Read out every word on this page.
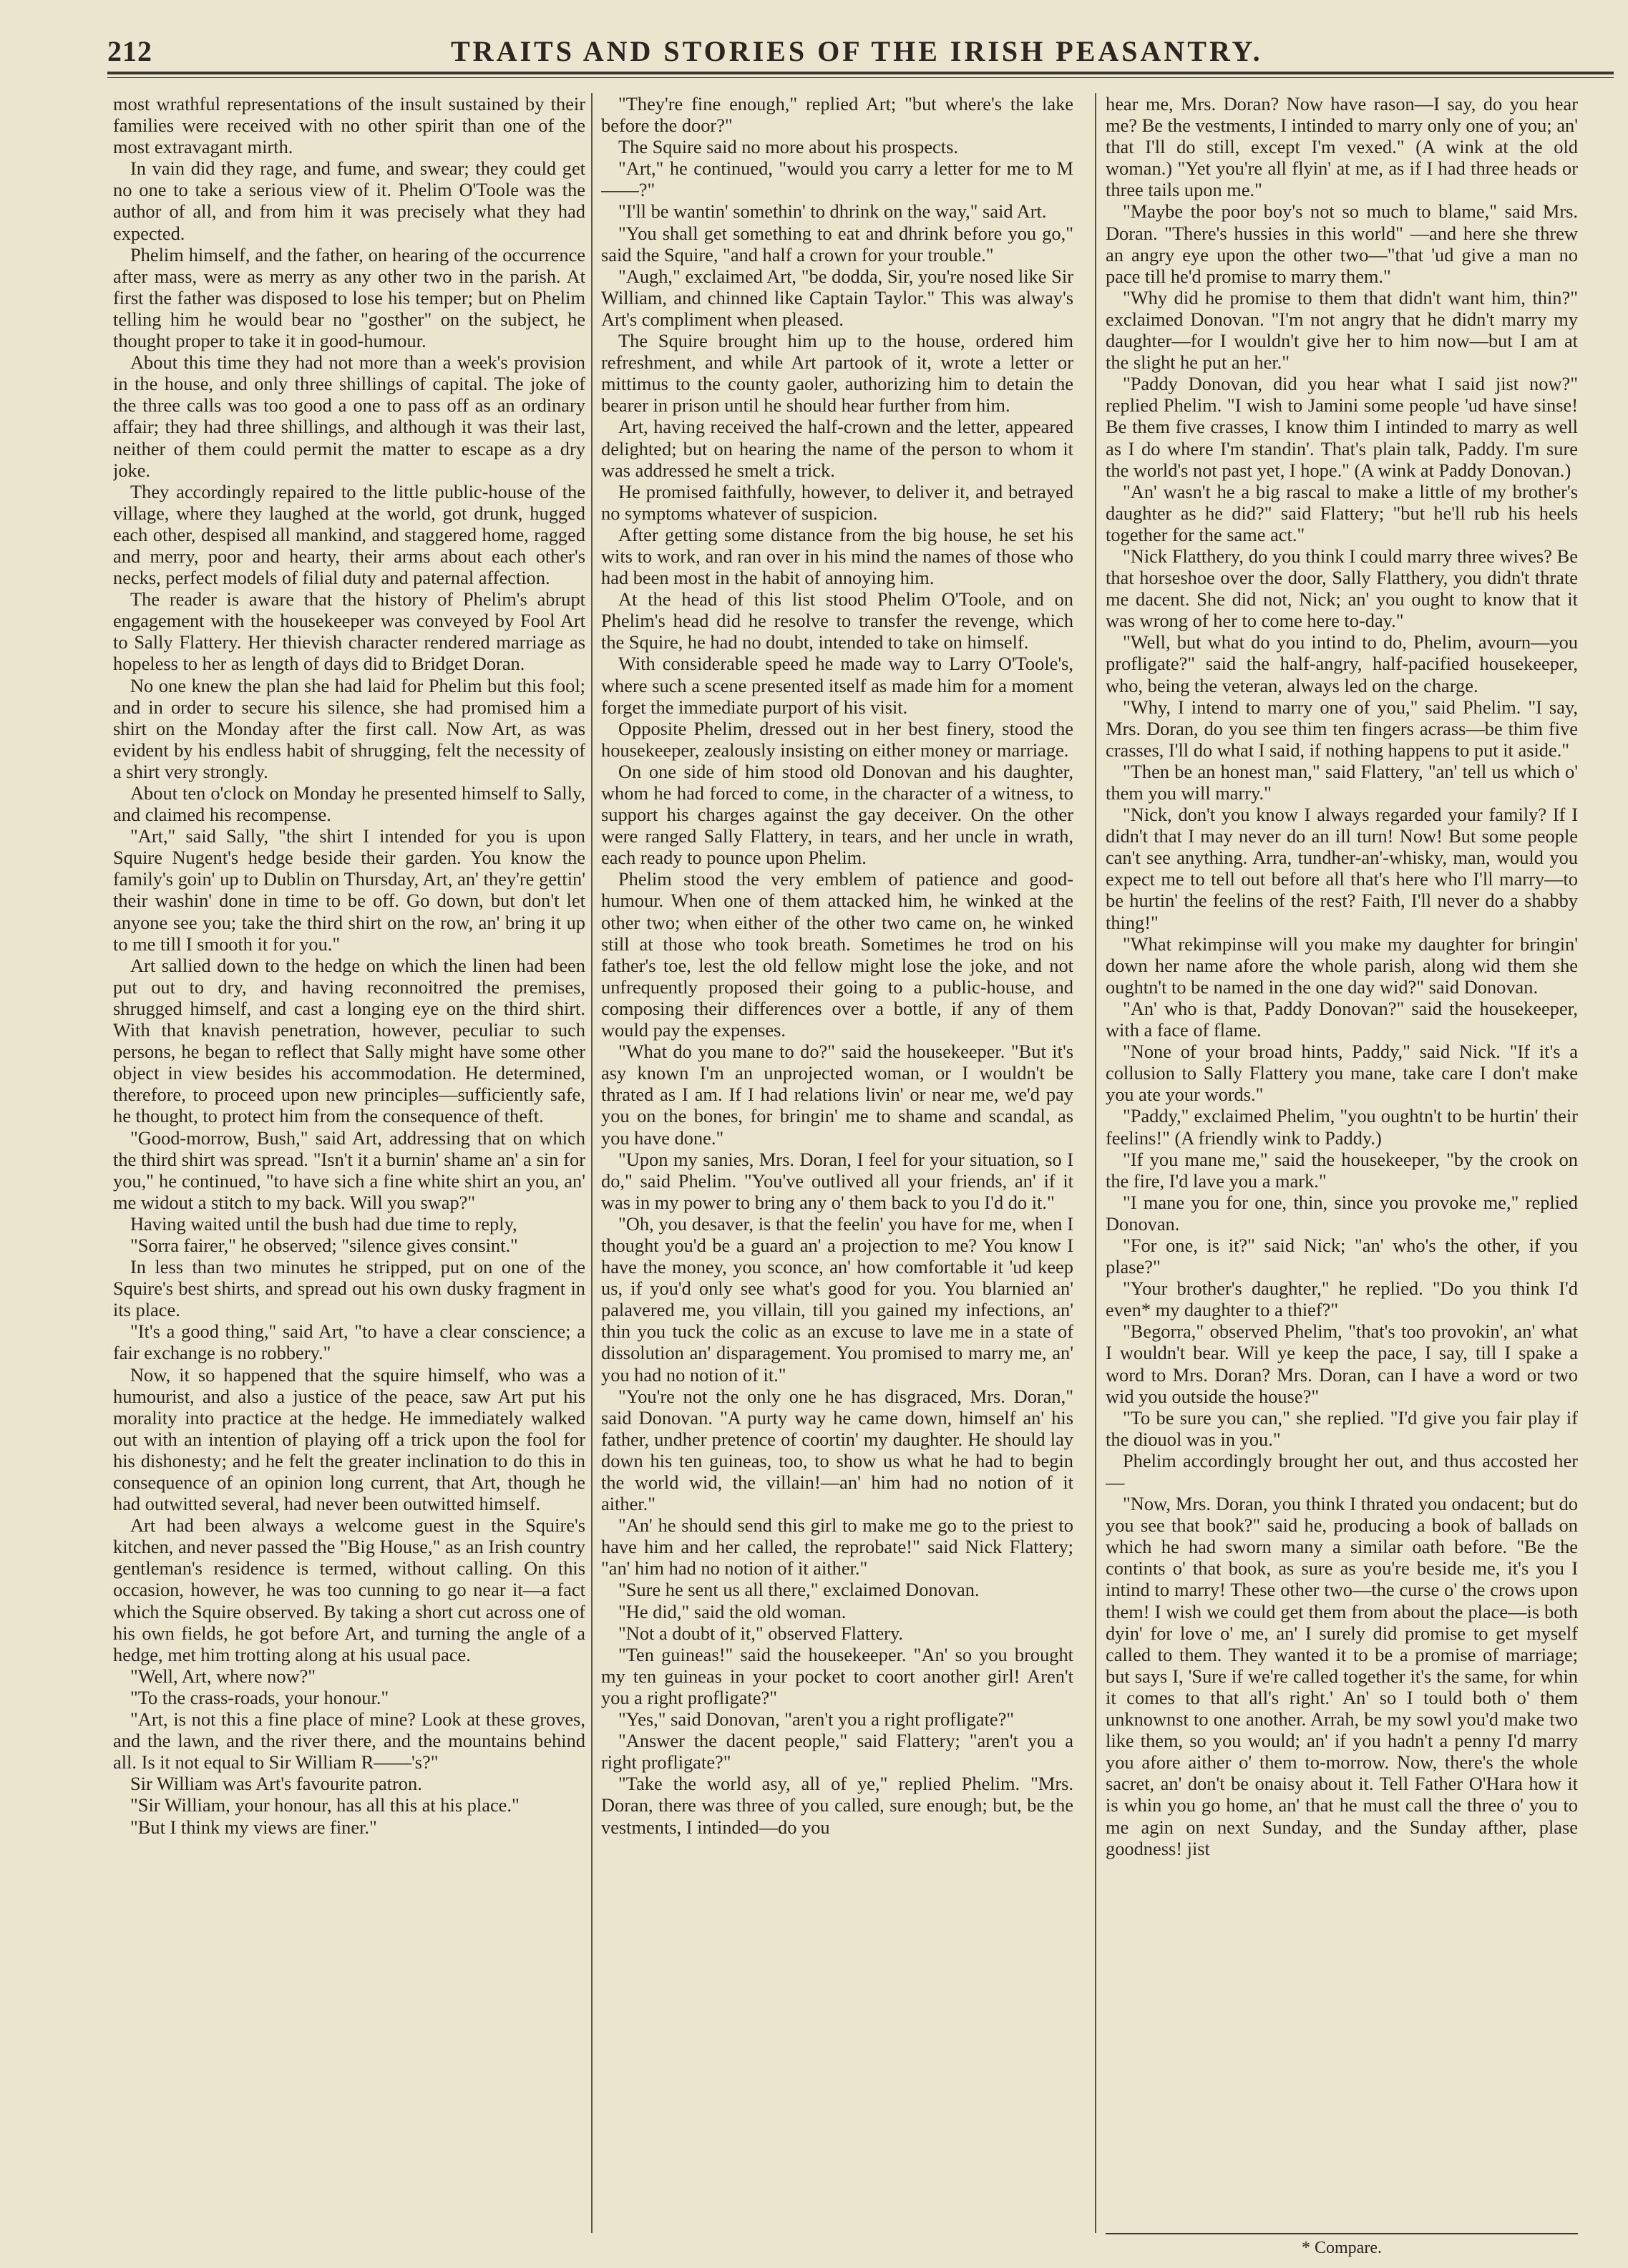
212	TRAITS AND STORIES OF THE IRISH PEASANTRY.

most wrathful representations of the insult sustained by their families were received with no other spirit than one of the most extravagant mirth.

In vain did they rage, and fume, and swear; they could get no one to take a serious view of it. Phelim O'Toole was the author of all, and from him it was precisely what they had expected.

Phelim himself, and the father, on hearing of the occurrence after mass, were as merry as any other two in the parish. At first the father was disposed to lose his temper; but on Phelim telling him he would bear no "gosther" on the subject, he thought proper to take it in good-humour.

About this time they had not more than a week's provision in the house, and only three shillings of capital. The joke of the three calls was too good a one to pass off as an ordinary affair; they had three shillings, and although it was their last, neither of them could permit the matter to escape as a dry joke.

They accordingly repaired to the little public-house of the village, where they laughed at the world, got drunk, hugged each other, despised all mankind, and staggered home, ragged and merry, poor and hearty, their arms about each other's necks, perfect models of filial duty and paternal affection.

The reader is aware that the history of Phelim's abrupt engagement with the housekeeper was conveyed by Fool Art to Sally Flattery. Her thievish character rendered marriage as hopeless to her as length of days did to Bridget Doran.

No one knew the plan she had laid for Phelim but this fool; and in order to secure his silence, she had promised him a shirt on the Monday after the first call. Now Art, as was evident by his endless habit of shrugging, felt the necessity of a shirt very strongly.

About ten o'clock on Monday he presented himself to Sally, and claimed his recompense.

"Art," said Sally, "the shirt I intended for you is upon Squire Nugent's hedge beside their garden. You know the family's goin' up to Dublin on Thursday, Art, an' they're gettin' their washin' done in time to be off. Go down, but don't let anyone see you; take the third shirt on the row, an' bring it up to me till I smooth it for you."

Art sallied down to the hedge on which the linen had been put out to dry, and having reconnoitred the premises, shrugged himself, and cast a longing eye on the third shirt. With that knavish penetration, however, peculiar to such persons, he began to reflect that Sally might have some other object in view besides his accommodation. He determined, therefore, to proceed upon new principles—sufficiently safe, he thought, to protect him from the consequence of theft.

"Good-morrow, Bush," said Art, addressing that on which the third shirt was spread. "Isn't it a burnin' shame an' a sin for you," he continued, "to have sich a fine white shirt an you, an' me widout a stitch to my back. Will you swap?"

Having waited until the bush had due time to reply,

"Sorra fairer," he observed; "silence gives consint."

In less than two minutes he stripped, put on one of the Squire's best shirts, and spread out his own dusky fragment in its place.

"It's a good thing," said Art, "to have a clear conscience; a fair exchange is no robbery."

Now, it so happened that the squire himself, who was a humourist, and also a justice of the peace, saw Art put his morality into practice at the hedge. He immediately walked out with an intention of playing off a trick upon the fool for his dishonesty; and he felt the greater inclination to do this in consequence of an opinion long current, that Art, though he had outwitted several, had never been outwitted himself.

Art had been always a welcome guest in the Squire's kitchen, and never passed the "Big House," as an Irish country gentleman's residence is termed, without calling. On this occasion, however, he was too cunning to go near it—a fact which the Squire observed. By taking a short cut across one of his own fields, he got before Art, and turning the angle of a hedge, met him trotting along at his usual pace.

"Well, Art, where now?"

"To the crass-roads, your honour."

"Art, is not this a fine place of mine? Look at these groves, and the lawn, and the river there, and the mountains behind all. Is it not equal to Sir William R——'s?"

Sir William was Art's favourite patron.

"Sir William, your honour, has all this at his place."

"But I think my views are finer."

"They're fine enough," replied Art; "but where's the lake before the door?"

The Squire said no more about his prospects.

"Art," he continued, "would you carry a letter for me to M——?"

"I'll be wantin' somethin' to dhrink on the way," said Art.

"You shall get something to eat and dhrink before you go," said the Squire, "and half a crown for your trouble."

"Augh," exclaimed Art, "be dodda, Sir, you're nosed like Sir William, and chinned like Captain Taylor." This was alway's Art's compliment when pleased.

The Squire brought him up to the house, ordered him refreshment, and while Art partook of it, wrote a letter or mittimus to the county gaoler, authorizing him to detain the bearer in prison until he should hear further from him.

Art, having received the half-crown and the letter, appeared delighted; but on hearing the name of the person to whom it was addressed he smelt a trick.

He promised faithfully, however, to deliver it, and betrayed no symptoms whatever of suspicion.

After getting some distance from the big house, he set his wits to work, and ran over in his mind the names of those who had been most in the habit of annoying him.

At the head of this list stood Phelim O'Toole, and on Phelim's head did he resolve to transfer the revenge, which the Squire, he had no doubt, intended to take on himself.

With considerable speed he made way to Larry O'Toole's, where such a scene presented itself as made him for a moment forget the immediate purport of his visit.

Opposite Phelim, dressed out in her best finery, stood the housekeeper, zealously insisting on either money or marriage.

On one side of him stood old Donovan and his daughter, whom he had forced to come, in the character of a witness, to support his charges against the gay deceiver. On the other were ranged Sally Flattery, in tears, and her uncle in wrath, each ready to pounce upon Phelim.

Phelim stood the very emblem of patience and good-humour. When one of them attacked him, he winked at the other two; when either of the other two came on, he winked still at those who took breath. Sometimes he trod on his father's toe, lest the old fellow might lose the joke, and not unfrequently proposed their going to a public-house, and composing their differences over a bottle, if any of them would pay the expenses.

"What do you mane to do?" said the housekeeper. "But it's asy known I'm an unprojected woman, or I wouldn't be thrated as I am. If I had relations livin' or near me, we'd pay you on the bones, for bringin' me to shame and scandal, as you have done."

"Upon my sanies, Mrs. Doran, I feel for your situation, so I do," said Phelim. "You've outlived all your friends, an' if it was in my power to bring any o' them back to you I'd do it."

"Oh, you desaver, is that the feelin' you have for me, when I thought you'd be a guard an' a projection to me? You know I have the money, you sconce, an' how comfortable it 'ud keep us, if you'd only see what's good for you. You blarnied an' palavered me, you villain, till you gained my infections, an' thin you tuck the colic as an excuse to lave me in a state of dissolution an' disparagement. You promised to marry me, an' you had no notion of it."

"You're not the only one he has disgraced, Mrs. Doran," said Donovan. "A purty way he came down, himself an' his father, undher pretence of coortin' my daughter. He should lay down his ten guineas, too, to show us what he had to begin the world wid, the villain!—an' him had no notion of it aither."

"An' he should send this girl to make me go to the priest to have him and her called, the reprobate!" said Nick Flattery; "an' him had no notion of it aither."

"Sure he sent us all there," exclaimed Donovan.

"He did," said the old woman.

"Not a doubt of it," observed Flattery.

"Ten guineas!" said the housekeeper. "An' so you brought my ten guineas in your pocket to coort another girl! Aren't you a right profligate?"

"Yes," said Donovan, "aren't you a right profligate?"

"Answer the dacent people," said Flattery; "aren't you a right profligate?"

"Take the world asy, all of ye," replied Phelim. "Mrs. Doran, there was three of you called, sure enough; but, be the vestments, I intinded—do you

hear me, Mrs. Doran? Now have rason—I say, do you hear me? Be the vestments, I intinded to marry only one of you; an' that I'll do still, except I'm vexed." (A wink at the old woman.) "Yet you're all flyin' at me, as if I had three heads or three tails upon me."

"Maybe the poor boy's not so much to blame," said Mrs. Doran. "There's hussies in this world" —and here she threw an angry eye upon the other two—"that 'ud give a man no pace till he'd promise to marry them."

"Why did he promise to them that didn't want him, thin?" exclaimed Donovan. "I'm not angry that he didn't marry my daughter—for I wouldn't give her to him now—but I am at the slight he put an her."

"Paddy Donovan, did you hear what I said jist now?" replied Phelim. "I wish to Jamini some people 'ud have sinse! Be them five crasses, I know thim I intinded to marry as well as I do where I'm standin'. That's plain talk, Paddy. I'm sure the world's not past yet, I hope." (A wink at Paddy Donovan.)

"An' wasn't he a big rascal to make a little of my brother's daughter as he did?" said Flattery; "but he'll rub his heels together for the same act."

"Nick Flatthery, do you think I could marry three wives? Be that horseshoe over the door, Sally Flatthery, you didn't thrate me dacent. She did not, Nick; an' you ought to know that it was wrong of her to come here to-day."

"Well, but what do you intind to do, Phelim, avourn—you profligate?" said the half-angry, half-pacified housekeeper, who, being the veteran, always led on the charge.

"Why, I intend to marry one of you," said Phelim. "I say, Mrs. Doran, do you see thim ten fingers acrass—be thim five crasses, I'll do what I said, if nothing happens to put it aside."

"Then be an honest man," said Flattery, "an' tell us which o' them you will marry."

"Nick, don't you know I always regarded your family? If I didn't that I may never do an ill turn! Now! But some people can't see anything. Arra, tundher-an'-whisky, man, would you expect me to tell out before all that's here who I'll marry—to be hurtin' the feelins of the rest? Faith, I'll never do a shabby thing!"

"What rekimpinse will you make my daughter for bringin' down her name afore the whole parish, along wid them she oughtn't to be named in the one day wid?" said Donovan.

"An' who is that, Paddy Donovan?" said the housekeeper, with a face of flame.

"None of your broad hints, Paddy," said Nick. "If it's a collusion to Sally Flattery you mane, take care I don't make you ate your words."

"Paddy," exclaimed Phelim, "you oughtn't to be hurtin' their feelins!" (A friendly wink to Paddy.)

"If you mane me," said the housekeeper, "by the crook on the fire, I'd lave you a mark."

"I mane you for one, thin, since you provoke me," replied Donovan.

"For one, is it?" said Nick; "an' who's the other, if you plase?"

"Your brother's daughter," he replied. "Do you think I'd even* my daughter to a thief?"

"Begorra," observed Phelim, "that's too provokin', an' what I wouldn't bear. Will ye keep the pace, I say, till I spake a word to Mrs. Doran? Mrs. Doran, can I have a word or two wid you outside the house?"

"To be sure you can," she replied. "I'd give you fair play if the diouol was in you."

Phelim accordingly brought her out, and thus accosted her—

"Now, Mrs. Doran, you think I thrated you ondacent; but do you see that book?" said he, producing a book of ballads on which he had sworn many a similar oath before. "Be the contints o' that book, as sure as you're beside me, it's you I intind to marry! These other two—the curse o' the crows upon them! I wish we could get them from about the place—is both dyin' for love o' me, an' I surely did promise to get myself called to them. They wanted it to be a promise of marriage; but says I, 'Sure if we're called together it's the same, for whin it comes to that all's right.' An' so I tould both o' them unknownst to one another. Arrah, be my sowl you'd make two like them, so you would; an' if you hadn't a penny I'd marry you afore aither o' them to-morrow. Now, there's the whole sacret, an' don't be onaisy about it. Tell Father O'Hara how it is whin you go home, an' that he must call the three o' you to me agin on next Sunday, and the Sunday afther, plase goodness! jist

* Compare.
